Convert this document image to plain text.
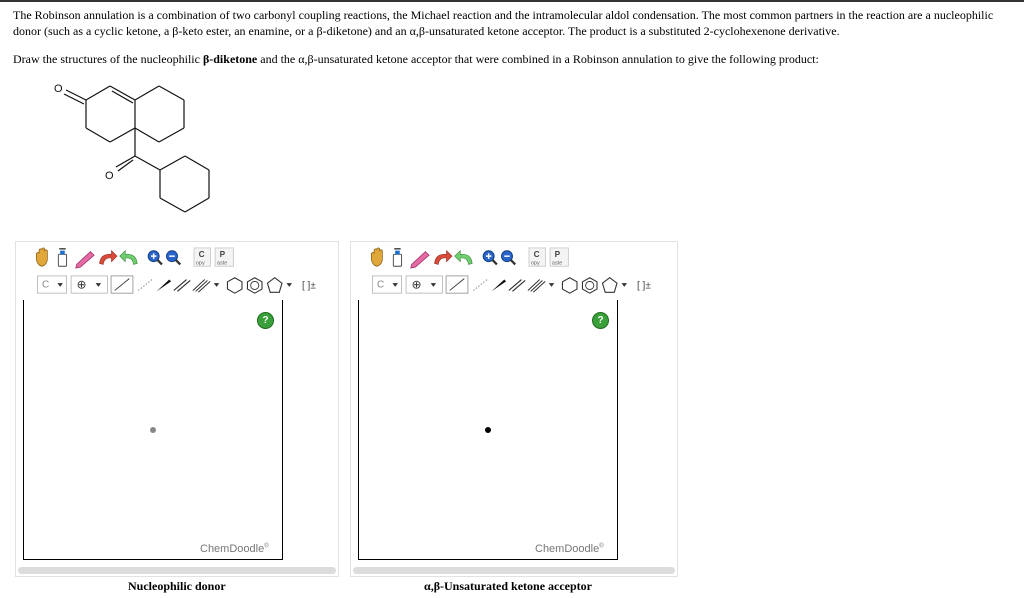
The Robinson annulation is a combination of two carbonyl coupling reactions, the Michael reaction and the intramolecular aldol condensation. The most common partners in the reaction are a nucleophilic donor (such as a cyclic ketone, a β-keto ester, an enamine, or a β-diketone) and an α,β-unsaturated ketone acceptor. The product is a substituted 2-cyclohexenone derivative.

Draw the structures of the nucleophilic β-diketone and the α,β-unsaturated ketone acceptor that were combined in a Robinson annulation to give the following product:

O
O
C
opy
P
aste
C ⊕	[ ]±
?
ChemDoodle®
C
opy
P
aste
C ⊕	[ ]±
?
ChemDoodle®
Nucleophilic donor	α,β-Unsaturated ketone acceptor
